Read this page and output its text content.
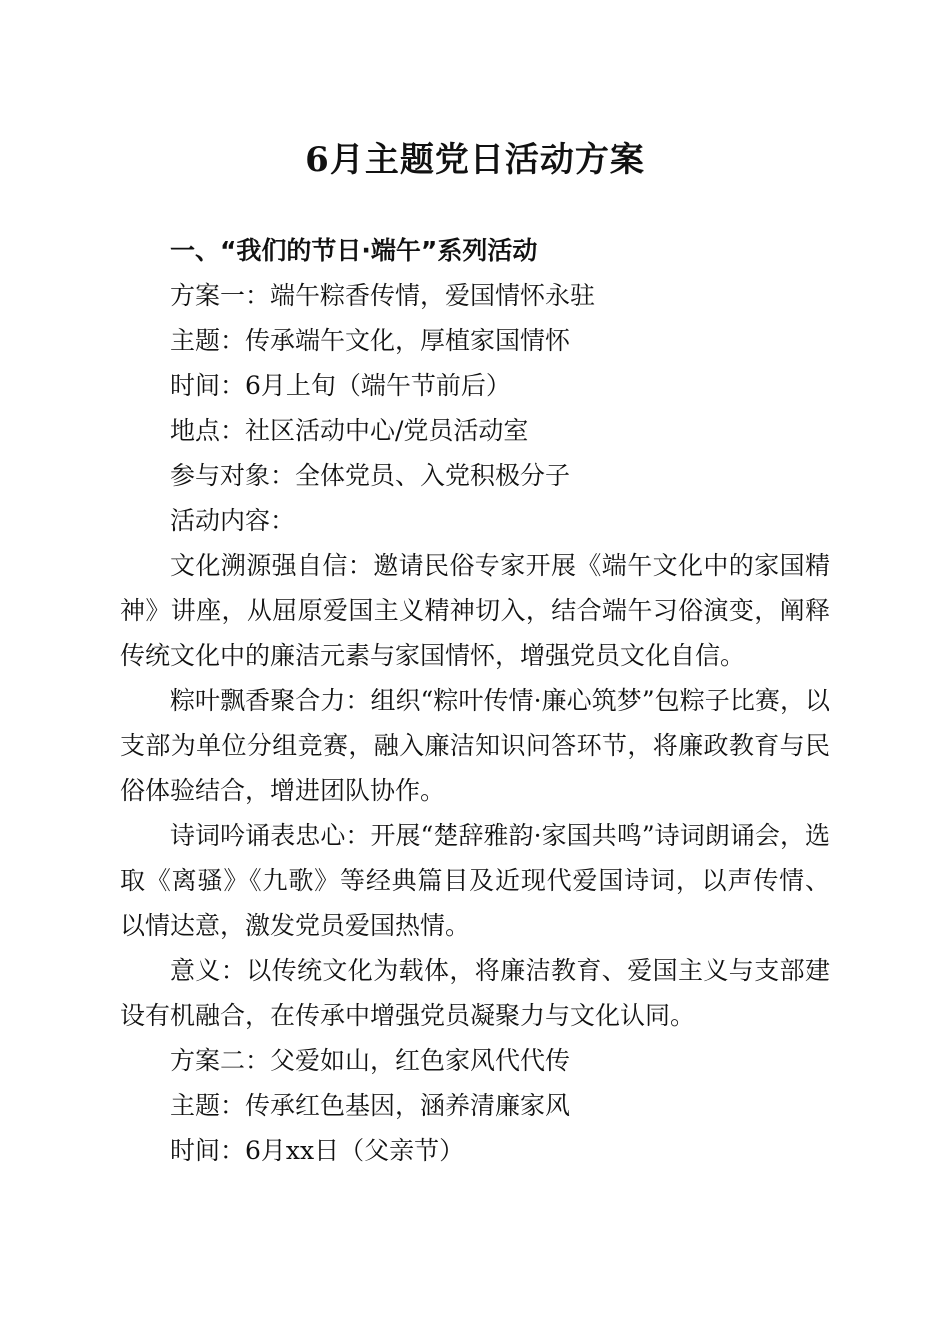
6月主题党日活动方案

一、“我们的节日·端午”系列活动

方案一：端午粽香传情，爱国情怀永驻

主题：传承端午文化，厚植家国情怀

时间：6月上旬（端午节前后）

地点：社区活动中心/党员活动室

参与对象：全体党员、入党积极分子

活动内容：

文化溯源强自信：邀请民俗专家开展《端午文化中的家国精神》讲座，从屈原爱国主义精神切入，结合端午习俗演变，阐释传统文化中的廉洁元素与家国情怀，增强党员文化自信。

粽叶飘香聚合力：组织“粽叶传情·廉心筑梦”包粽子比赛，以支部为单位分组竞赛，融入廉洁知识问答环节，将廉政教育与民俗体验结合，增进团队协作。

诗词吟诵表忠心：开展“楚辞雅韵·家国共鸣”诗词朗诵会，选取《离骚》《九歌》等经典篇目及近现代爱国诗词，以声传情、以情达意，激发党员爱国热情。

意义：以传统文化为载体，将廉洁教育、爱国主义与支部建设有机融合，在传承中增强党员凝聚力与文化认同。

方案二：父爱如山，红色家风代代传

主题：传承红色基因，涵养清廉家风

时间：6月xx日（父亲节）
